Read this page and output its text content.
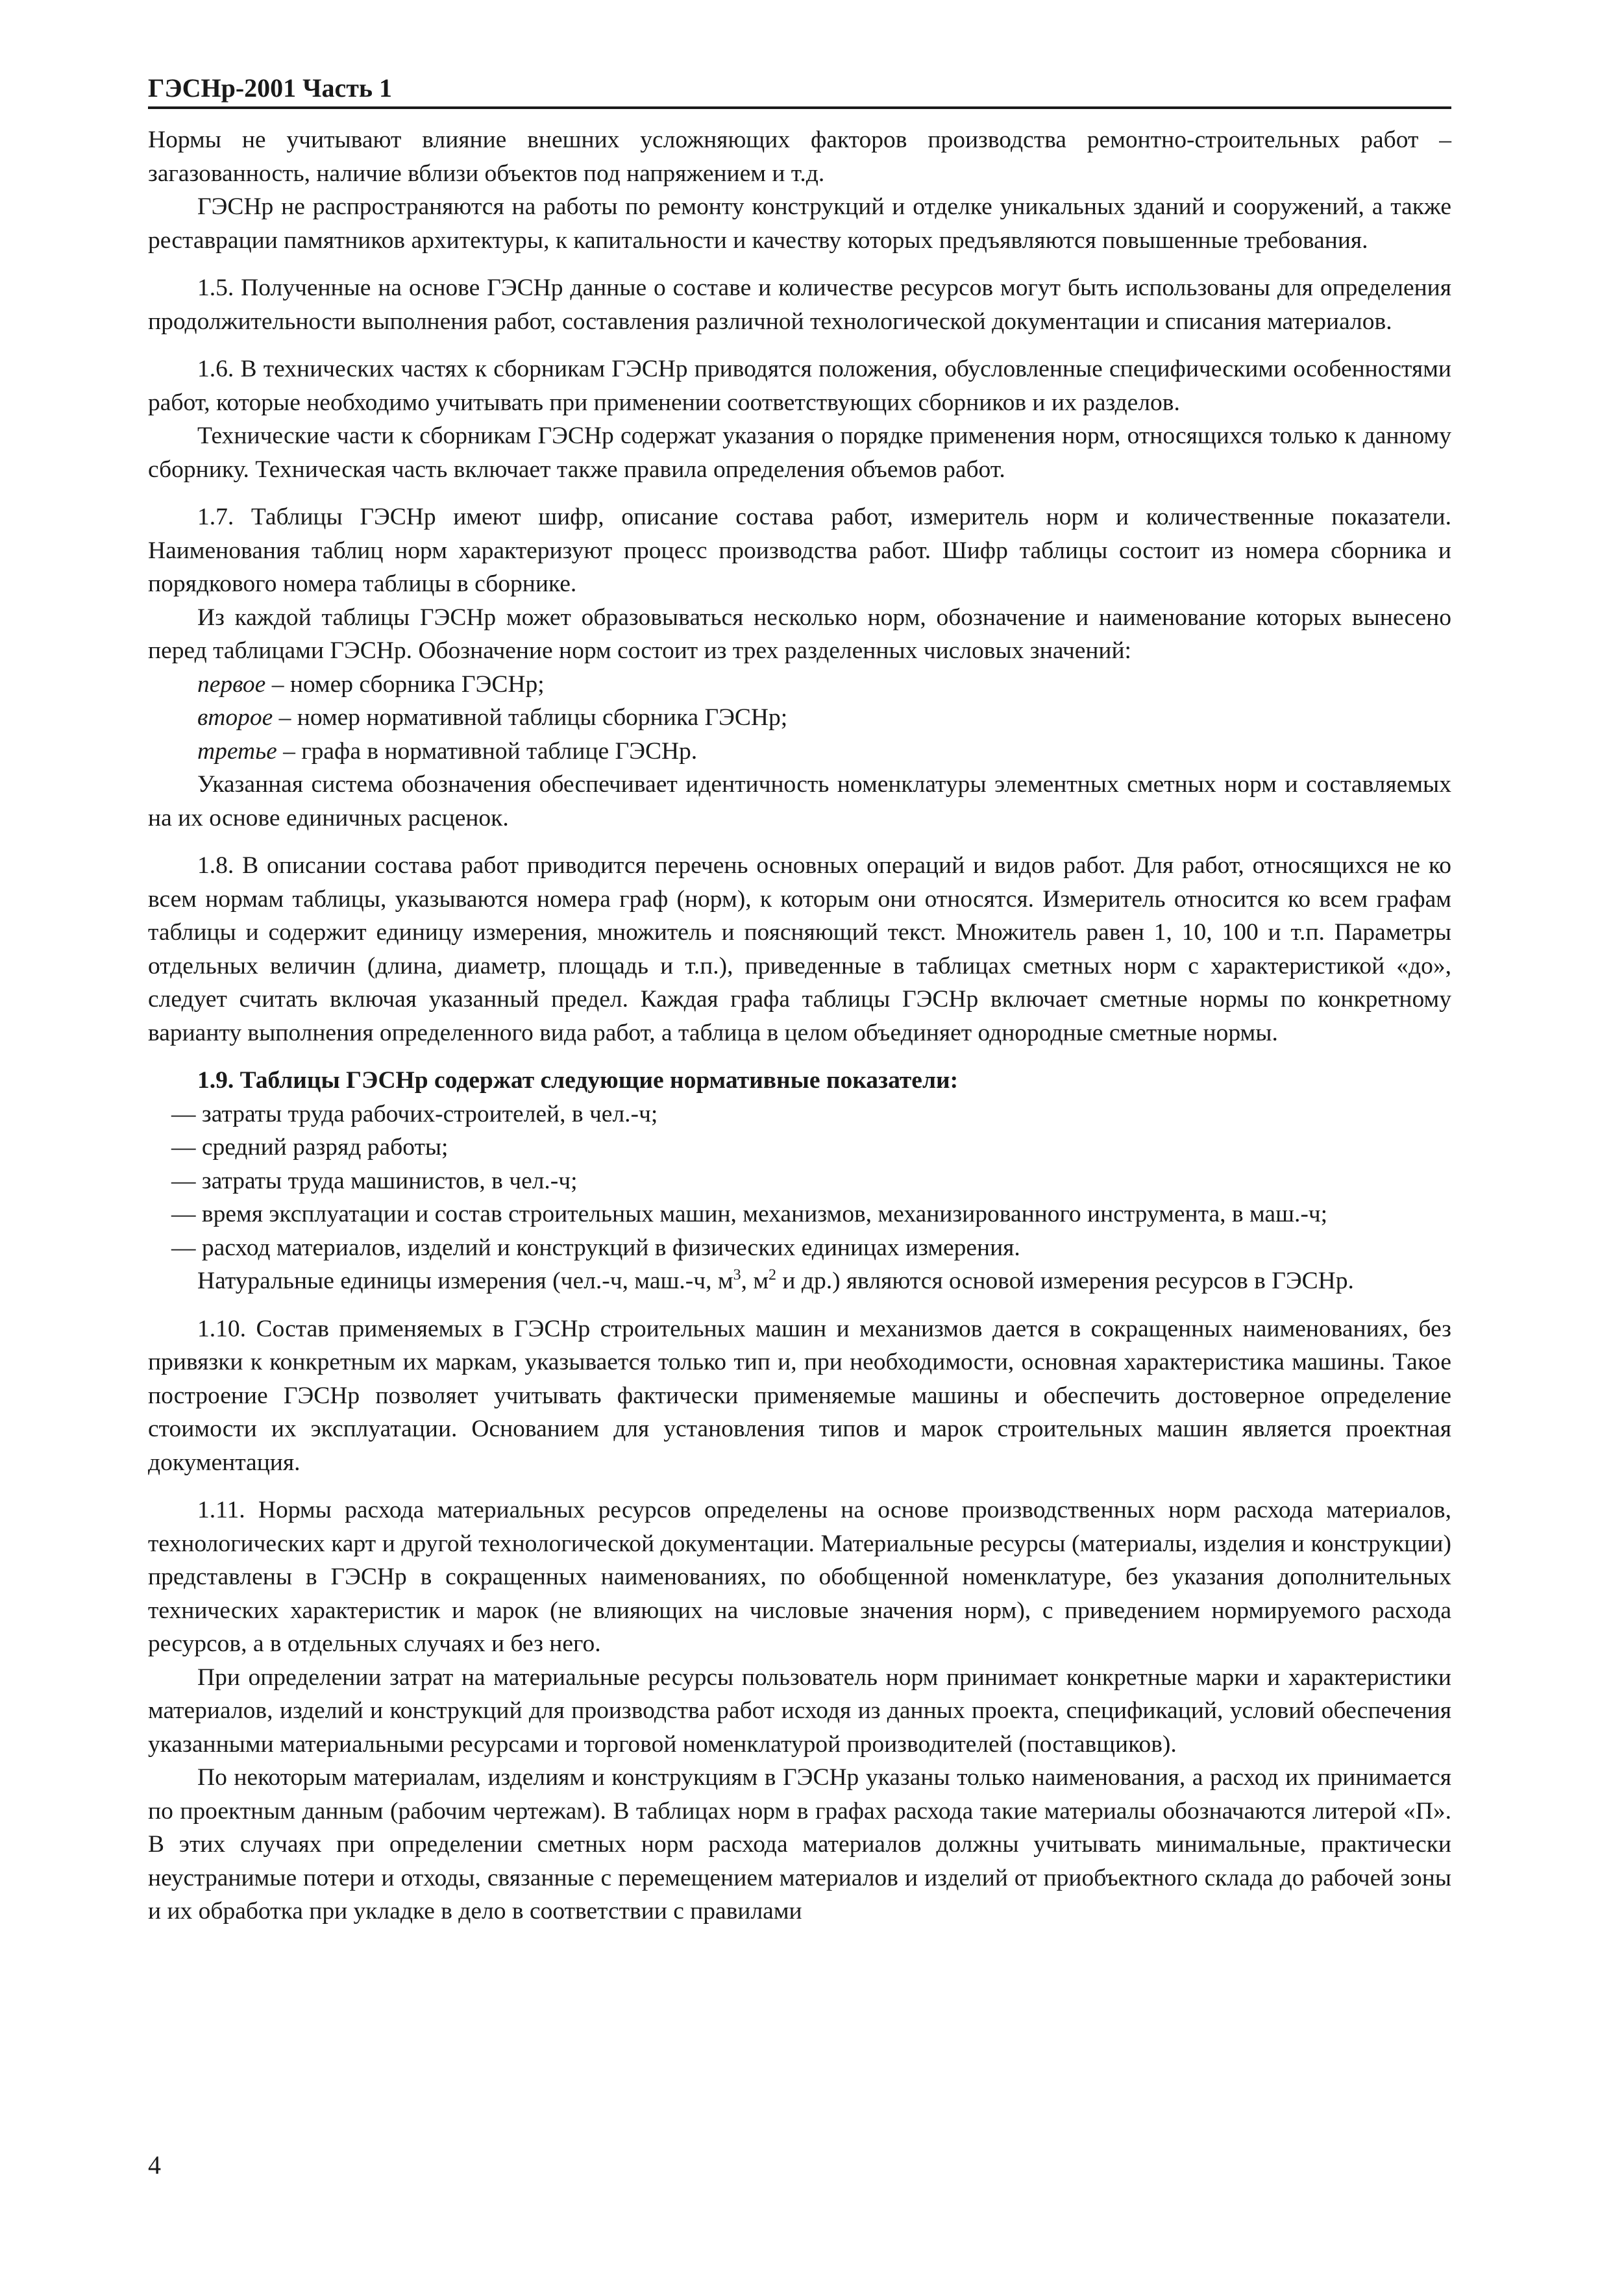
ГЭСНр-2001 Часть 1

Нормы не учитывают влияние внешних усложняющих факторов производства ремонтно-строительных работ – загазованность, наличие вблизи объектов под напряжением и т.д.

ГЭСНр не распространяются на работы по ремонту конструкций и отделке уникальных зданий и сооружений, а также реставрации памятников архитектуры, к капитальности и качеству которых предъявляются повышенные требования.

1.5. Полученные на основе ГЭСНр данные о составе и количестве ресурсов могут быть использованы для определения продолжительности выполнения работ, составления различной технологической документации и списания материалов.

1.6. В технических частях к сборникам ГЭСНр приводятся положения, обусловленные специфическими особенностями работ, которые необходимо учитывать при применении соответствующих сборников и их разделов.

Технические части к сборникам ГЭСНр содержат указания о порядке применения норм, относящихся только к данному сборнику. Техническая часть включает также правила определения объемов работ.

1.7. Таблицы ГЭСНр имеют шифр, описание состава работ, измеритель норм и количественные показатели. Наименования таблиц норм характеризуют процесс производства работ. Шифр таблицы состоит из номера сборника и порядкового номера таблицы в сборнике.

Из каждой таблицы ГЭСНр может образовываться несколько норм, обозначение и наименование которых вынесено перед таблицами ГЭСНр. Обозначение норм состоит из трех разделенных числовых значений:

первое – номер сборника ГЭСНр;

второе – номер нормативной таблицы сборника ГЭСНр;

третье – графа в нормативной таблице ГЭСНр.

Указанная система обозначения обеспечивает идентичность номенклатуры элементных сметных норм и составляемых на их основе единичных расценок.

1.8. В описании состава работ приводится перечень основных операций и видов работ. Для работ, относящихся не ко всем нормам таблицы, указываются номера граф (норм), к которым они относятся. Измеритель относится ко всем графам таблицы и содержит единицу измерения, множитель и поясняющий текст. Множитель равен 1, 10, 100 и т.п. Параметры отдельных величин (длина, диаметр, площадь и т.п.), приведенные в таблицах сметных норм с характеристикой «до», следует считать включая указанный предел. Каждая графа таблицы ГЭСНр включает сметные нормы по конкретному варианту выполнения определенного вида работ, а таблица в целом объединяет однородные сметные нормы.

1.9. Таблицы ГЭСНр содержат следующие нормативные показатели:

— затраты труда рабочих-строителей, в чел.-ч;

— средний разряд работы;

— затраты труда машинистов, в чел.-ч;

— время эксплуатации и состав строительных машин, механизмов, механизированного инструмента, в маш.-ч;

— расход материалов, изделий и конструкций в физических единицах измерения.

Натуральные единицы измерения (чел.-ч, маш.-ч, $м^3$, $м^2$ и др.) являются основой измерения ресурсов в ГЭСНр.

1.10. Состав применяемых в ГЭСНр строительных машин и механизмов дается в сокращенных наименованиях, без привязки к конкретным их маркам, указывается только тип и, при необходимости, основная характеристика машины. Такое построение ГЭСНр позволяет учитывать фактически применяемые машины и обеспечить достоверное определение стоимости их эксплуатации. Основанием для установления типов и марок строительных машин является проектная документация.

1.11. Нормы расхода материальных ресурсов определены на основе производственных норм расхода материалов, технологических карт и другой технологической документации. Материальные ресурсы (материалы, изделия и конструкции) представлены в ГЭСНр в сокращенных наименованиях, по обобщенной номенклатуре, без указания дополнительных технических характеристик и марок (не влияющих на числовые значения норм), с приведением нормируемого расхода ресурсов, а в отдельных случаях и без него.

При определении затрат на материальные ресурсы пользователь норм принимает конкретные марки и характеристики материалов, изделий и конструкций для производства работ исходя из данных проекта, спецификаций, условий обеспечения указанными материальными ресурсами и торговой номенклатурой производителей (поставщиков).

По некоторым материалам, изделиям и конструкциям в ГЭСНр указаны только наименования, а расход их принимается по проектным данным (рабочим чертежам). В таблицах норм в графах расхода такие материалы обозначаются литерой «П». В этих случаях при определении сметных норм расхода материалов должны учитывать минимальные, практически неустранимые потери и отходы, связанные с перемещением материалов и изделий от приобъектного склада до рабочей зоны и их обработка при укладке в дело в соответствии с правилами

4
